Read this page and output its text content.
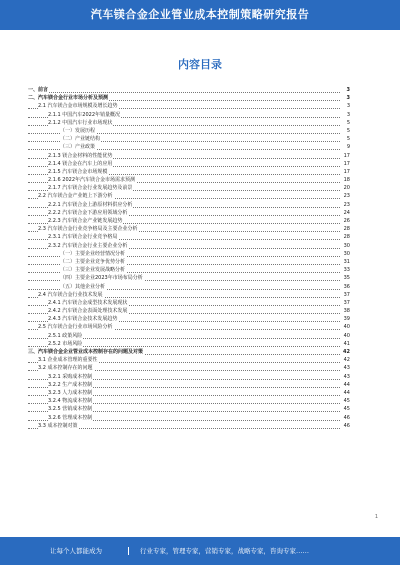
汽车镁合金企业管业成本控制策略研究报告
内容目录
一、前言	3
二、汽车镁合金行业市场分析及预测	3
2.1 汽车镁合金市场规模及增长趋势	3
2.1.1 中国汽车2022年销量概况	3
2.1.2 中国汽车行业市场现状	5
（一）发展历程	5
（二）产业链结构	5
（三）产业政策	9
2.1.3 镁合金材料的性能优势	17
2.1.4 镁合金在汽车上的应用	17
2.1.5 汽车镁合金市场规模	17
2.1.6 2022年汽车镁合金市场需求预测	18
2.1.7 汽车镁合金行业发展趋势及前景	20
2.2 汽车镁合金产业链上下游分析	23
2.2.1 汽车镁合金上游原材料供应分析	23
2.2.2 汽车镁合金下游应用领域分析	24
2.2.3 汽车镁合金产业链发展趋势	26
2.3 汽车镁合金行业竞争格局及主要企业分析	28
2.3.1 汽车镁合金行业竞争格局	28
2.3.2 汽车镁合金行业主要企业分析	30
（一）主要企业经营情况分析	30
（二）主要企业竞争优势分析	31
（三）主要企业发展战略分析	33
（四）主要企业2023年市场布局分析	35
（五）其他企业分析	36
2.4 汽车镁合金行业技术发展	37
2.4.1 汽车镁合金成型技术发展现状	37
2.4.2 汽车镁合金表面处理技术发展	38
2.4.3 汽车镁合金技术发展趋势	39
2.5 汽车镁合金行业市场风险分析	40
2.5.1 政策风险	40
2.5.2 市场风险	41
三、汽车镁合金企业管业成本控制存在的问题及对策	42
3.1 企业成本管理的重要性	42
3.2 成本控制存在的问题	43
3.2.1 采购成本控制	43
3.2.2 生产成本控制	44
3.2.3 人力成本控制	44
3.2.4 物流成本控制	45
3.2.5 营销成本控制	45
3.2.6 管理成本控制	46
3.3 成本控制对策	46
1
让每个人都能成为	行业专家，管理专家，营销专家，战略专家，咨询专家……
